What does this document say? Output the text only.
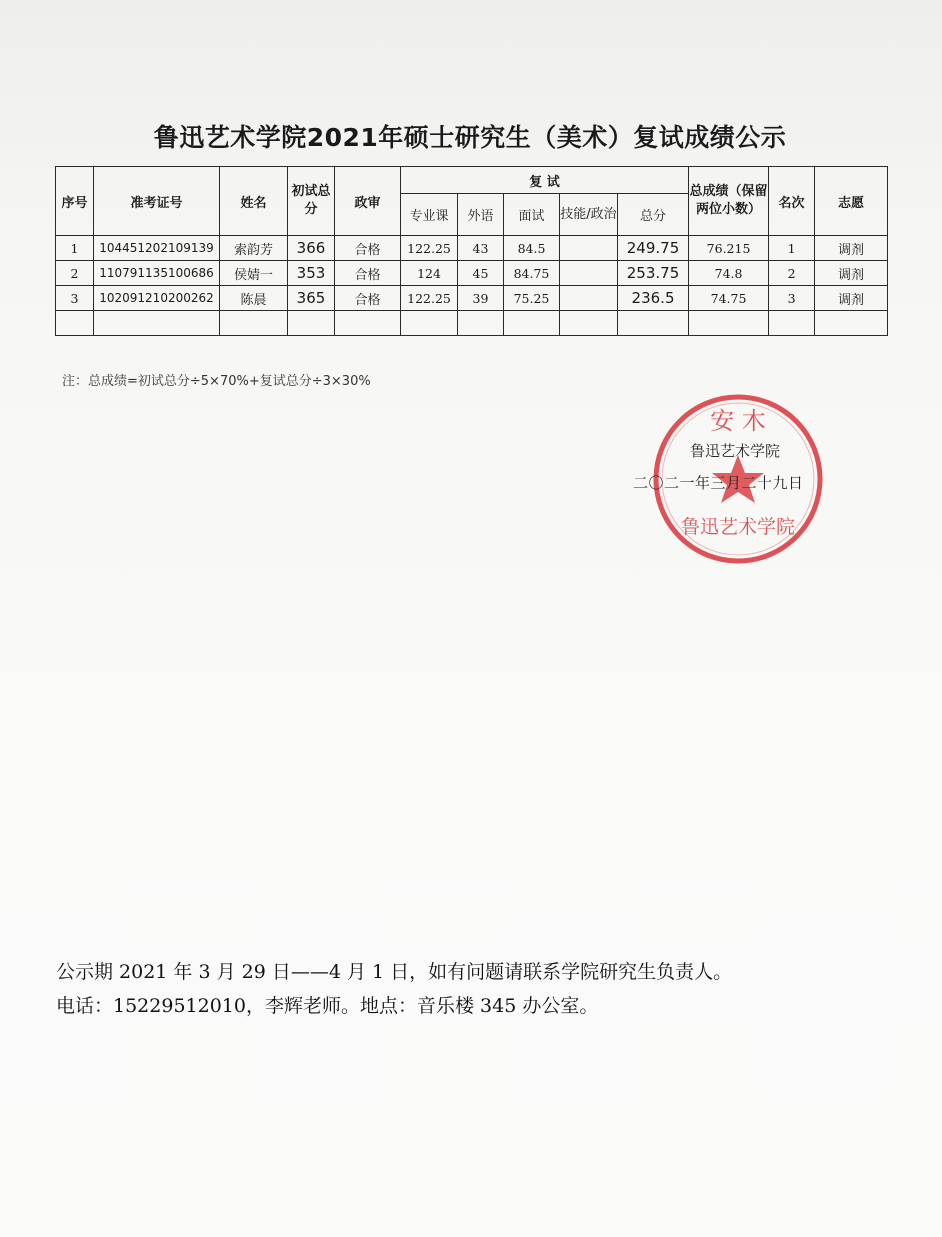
鲁迅艺术学院2021年硕士研究生（美术）复试成绩公示
序号	准考证号	姓名	初试总分	政审	复 试					总成绩（保留两位小数）	名次	志愿
					专业课	外语	面试	技能/政治	总分			
1	104451202109139	索韵芳	366	合格	122.25	43	84.5		249.75	76.215	1	调剂
2	110791135100686	侯婧一	353	合格	124	45	84.75		253.75	74.8	2	调剂
3	102091210200262	陈晨	365	合格	122.25	39	75.25		236.5	74.75	3	调剂

注：总成绩=初试总分÷5×70%+复试总分÷3×30%
安 木
鲁迅艺术学院
鲁迅艺术学院
二〇二一年三月二十九日
公示期 2021 年 3 月 29 日——4 月 1 日，如有问题请联系学院研究生负责人。
电话：15229512010，李辉老师。地点：音乐楼 345 办公室。
